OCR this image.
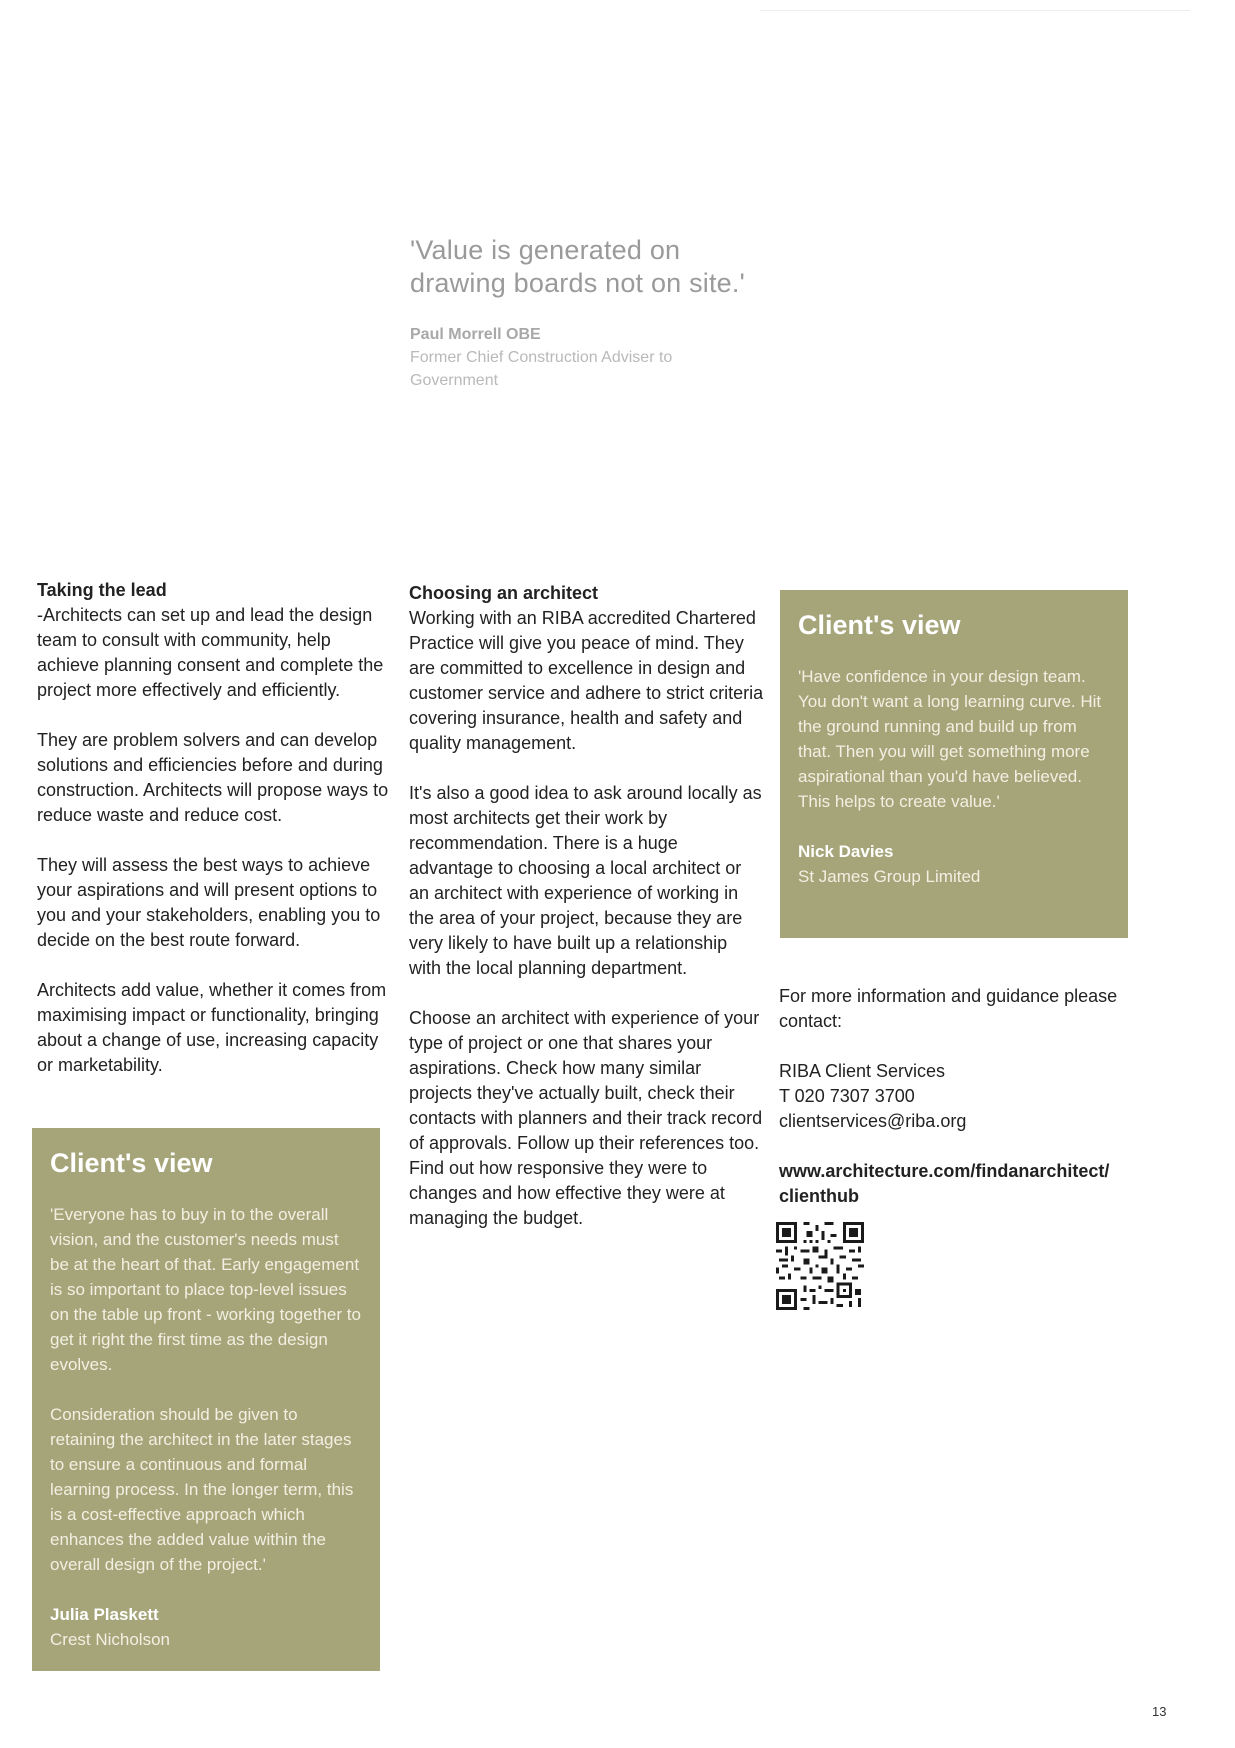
'Value is generated on
drawing boards not on site.'
Paul Morrell OBE
Former Chief Construction Adviser to Government
Taking the lead

-Architects can set up and lead the design team to consult with community, help achieve planning consent and complete the project more effectively and efficiently.

They are problem solvers and can develop solutions and efficiencies before and during construction. Architects will propose ways to reduce waste and reduce cost.

They will assess the best ways to achieve your aspirations and will present options to you and your stakeholders, enabling you to decide on the best route forward.

Architects add value, whether it comes from maximising impact or functionality, bringing about a change of use, increasing capacity or marketability.

Client's view

'Everyone has to buy in to the overall vision, and the customer's needs must be at the heart of that. Early engagement is so important to place top-level issues on the table up front - working together to get it right the first time as the design evolves.

Consideration should be given to retaining the architect in the later stages to ensure a continuous and formal learning process. In the longer term, this is a cost-effective approach which enhances the added value within the overall design of the project.'

Julia Plaskett
Crest Nicholson
Choosing an architect

Working with an RIBA accredited Chartered Practice will give you peace of mind. They are committed to excellence in design and customer service and adhere to strict criteria covering insurance, health and safety and quality management.

It's also a good idea to ask around locally as most architects get their work by recommendation. There is a huge advantage to choosing a local architect or an architect with experience of working in the area of your project, because they are very likely to have built up a relationship with the local planning department.

Choose an architect with experience of your type of project or one that shares your aspirations. Check how many similar projects they've actually built, check their contacts with planners and their track record of approvals. Follow up their references too. Find out how responsive they were to changes and how effective they were at managing the budget.

Client's view

'Have confidence in your design team. You don't want a long learning curve. Hit the ground running and build up from that. Then you will get something more aspirational than you'd have believed. This helps to create value.'

Nick Davies
St James Group Limited

For more information and guidance please contact:

RIBA Client Services
T 020 7307 3700
clientservices@riba.org
www.architecture.com/findanarchitect/
clienthub
13
